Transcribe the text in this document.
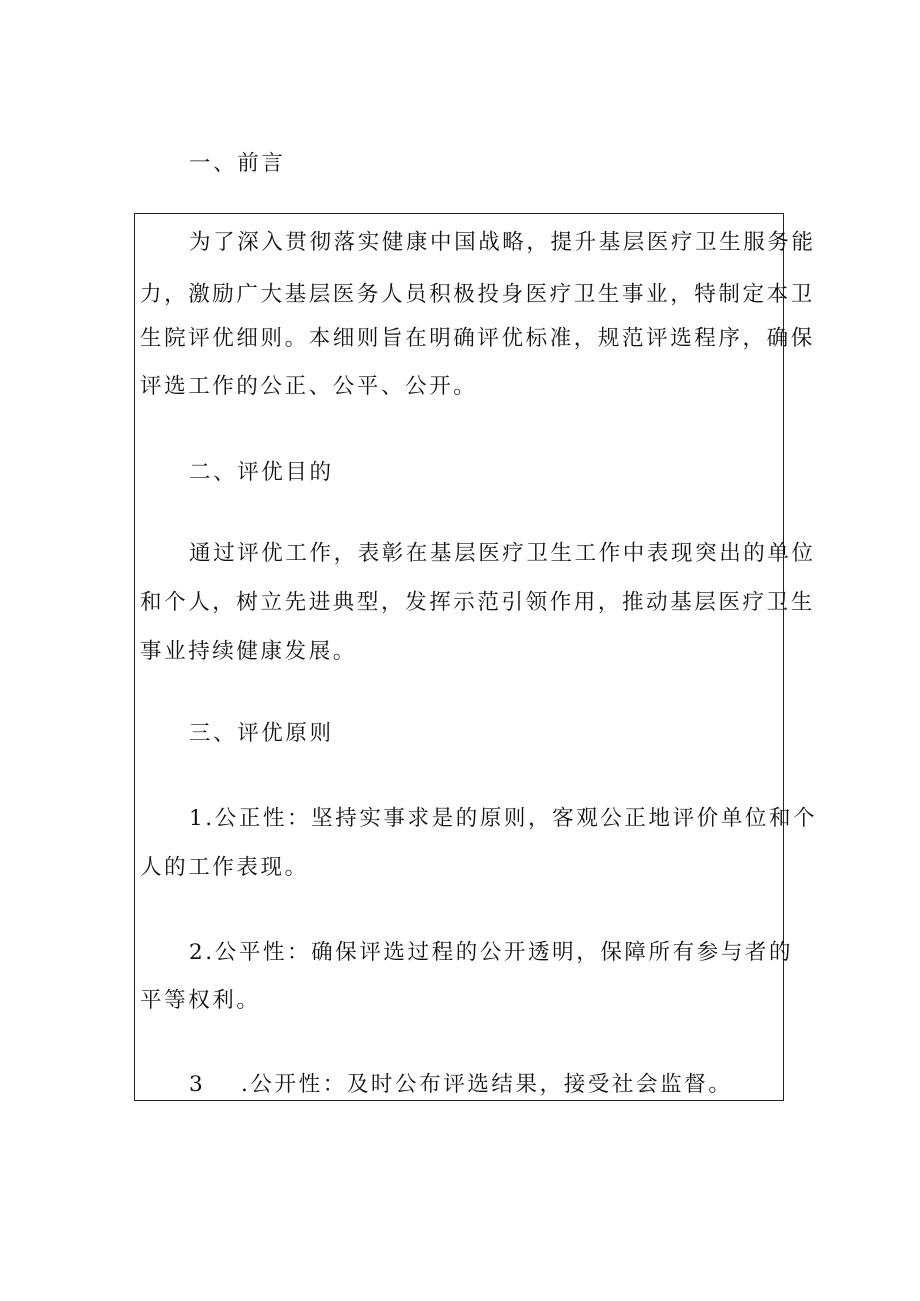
一、前言
为了深入贯彻落实健康中国战略，提升基层医疗卫生服务能
力，激励广大基层医务人员积极投身医疗卫生事业，特制定本卫
生院评优细则。本细则旨在明确评优标准，规范评选程序，确保
评选工作的公正、公平、公开。
二、评优目的
通过评优工作，表彰在基层医疗卫生工作中表现突出的单位
和个人，树立先进典型，发挥示范引领作用，推动基层医疗卫生
事业持续健康发展。
三、评优原则
1.公正性：坚持实事求是的原则，客观公正地评价单位和个
人的工作表现。
2.公平性：确保评选过程的公开透明，保障所有参与者的
平等权利。
3 .公开性：及时公布评选结果，接受社会监督。
